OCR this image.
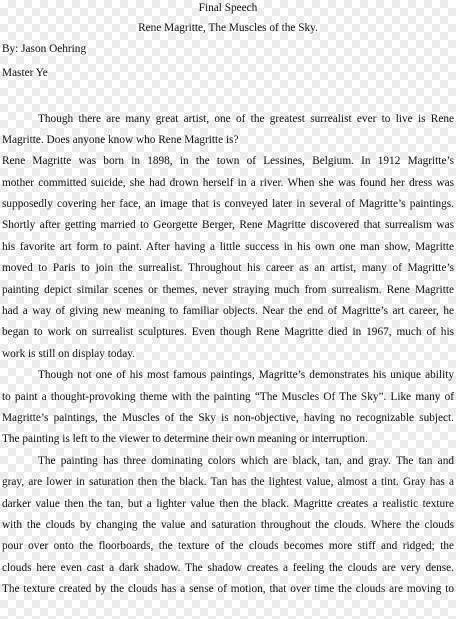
Final Speech
Rene Magritte, The Muscles of the Sky.
By: Jason Oehring
Master Ye
Though there are many great artist, one of the greatest surrealist ever to live is Rene
Magritte. Does anyone know who Rene Magritte is?
Rene Magritte was born in 1898, in the town of Lessines, Belgium. In 1912 Magritte’s
mother committed suicide, she had drown herself in a river. When she was found her dress was
supposedly covering her face, an image that is conveyed later in several of Magritte’s paintings.
Shortly after getting married to Georgette Berger, Rene Magritte discovered that surrealism was
his favorite art form to paint. After having a little success in his own one man show, Magritte
moved to Paris to join the surrealist. Throughout his career as an artist, many of Magritte’s
painting depict similar scenes or themes, never straying much from surrealism. Rene Magritte
had a way of giving new meaning to familiar objects. Near the end of Magritte’s art career, he
began to work on surrealist sculptures. Even though Rene Magritte died in 1967, much of his
work is still on display today.
Though not one of his most famous paintings, Magritte’s demonstrates his unique ability
to paint a thought-provoking theme with the painting “The Muscles Of The Sky”. Like many of
Magritte’s paintings, the Muscles of the Sky is non-objective, having no recognizable subject.
The painting is left to the viewer to determine their own meaning or interruption.
The painting has three dominating colors which are black, tan, and gray. The tan and
gray, are lower in saturation then the black. Tan has the lightest value, almost a tint. Gray has a
darker value then the tan, but a lighter value then the black. Magritte creates a realistic texture
with the clouds by changing the value and saturation throughout the clouds. Where the clouds
pour over onto the floorboards, the texture of the clouds becomes more stiff and ridged; the
clouds here even cast a dark shadow. The shadow creates a feeling the clouds are very dense.
The texture created by the clouds has a sense of motion, that over time the clouds are moving to
